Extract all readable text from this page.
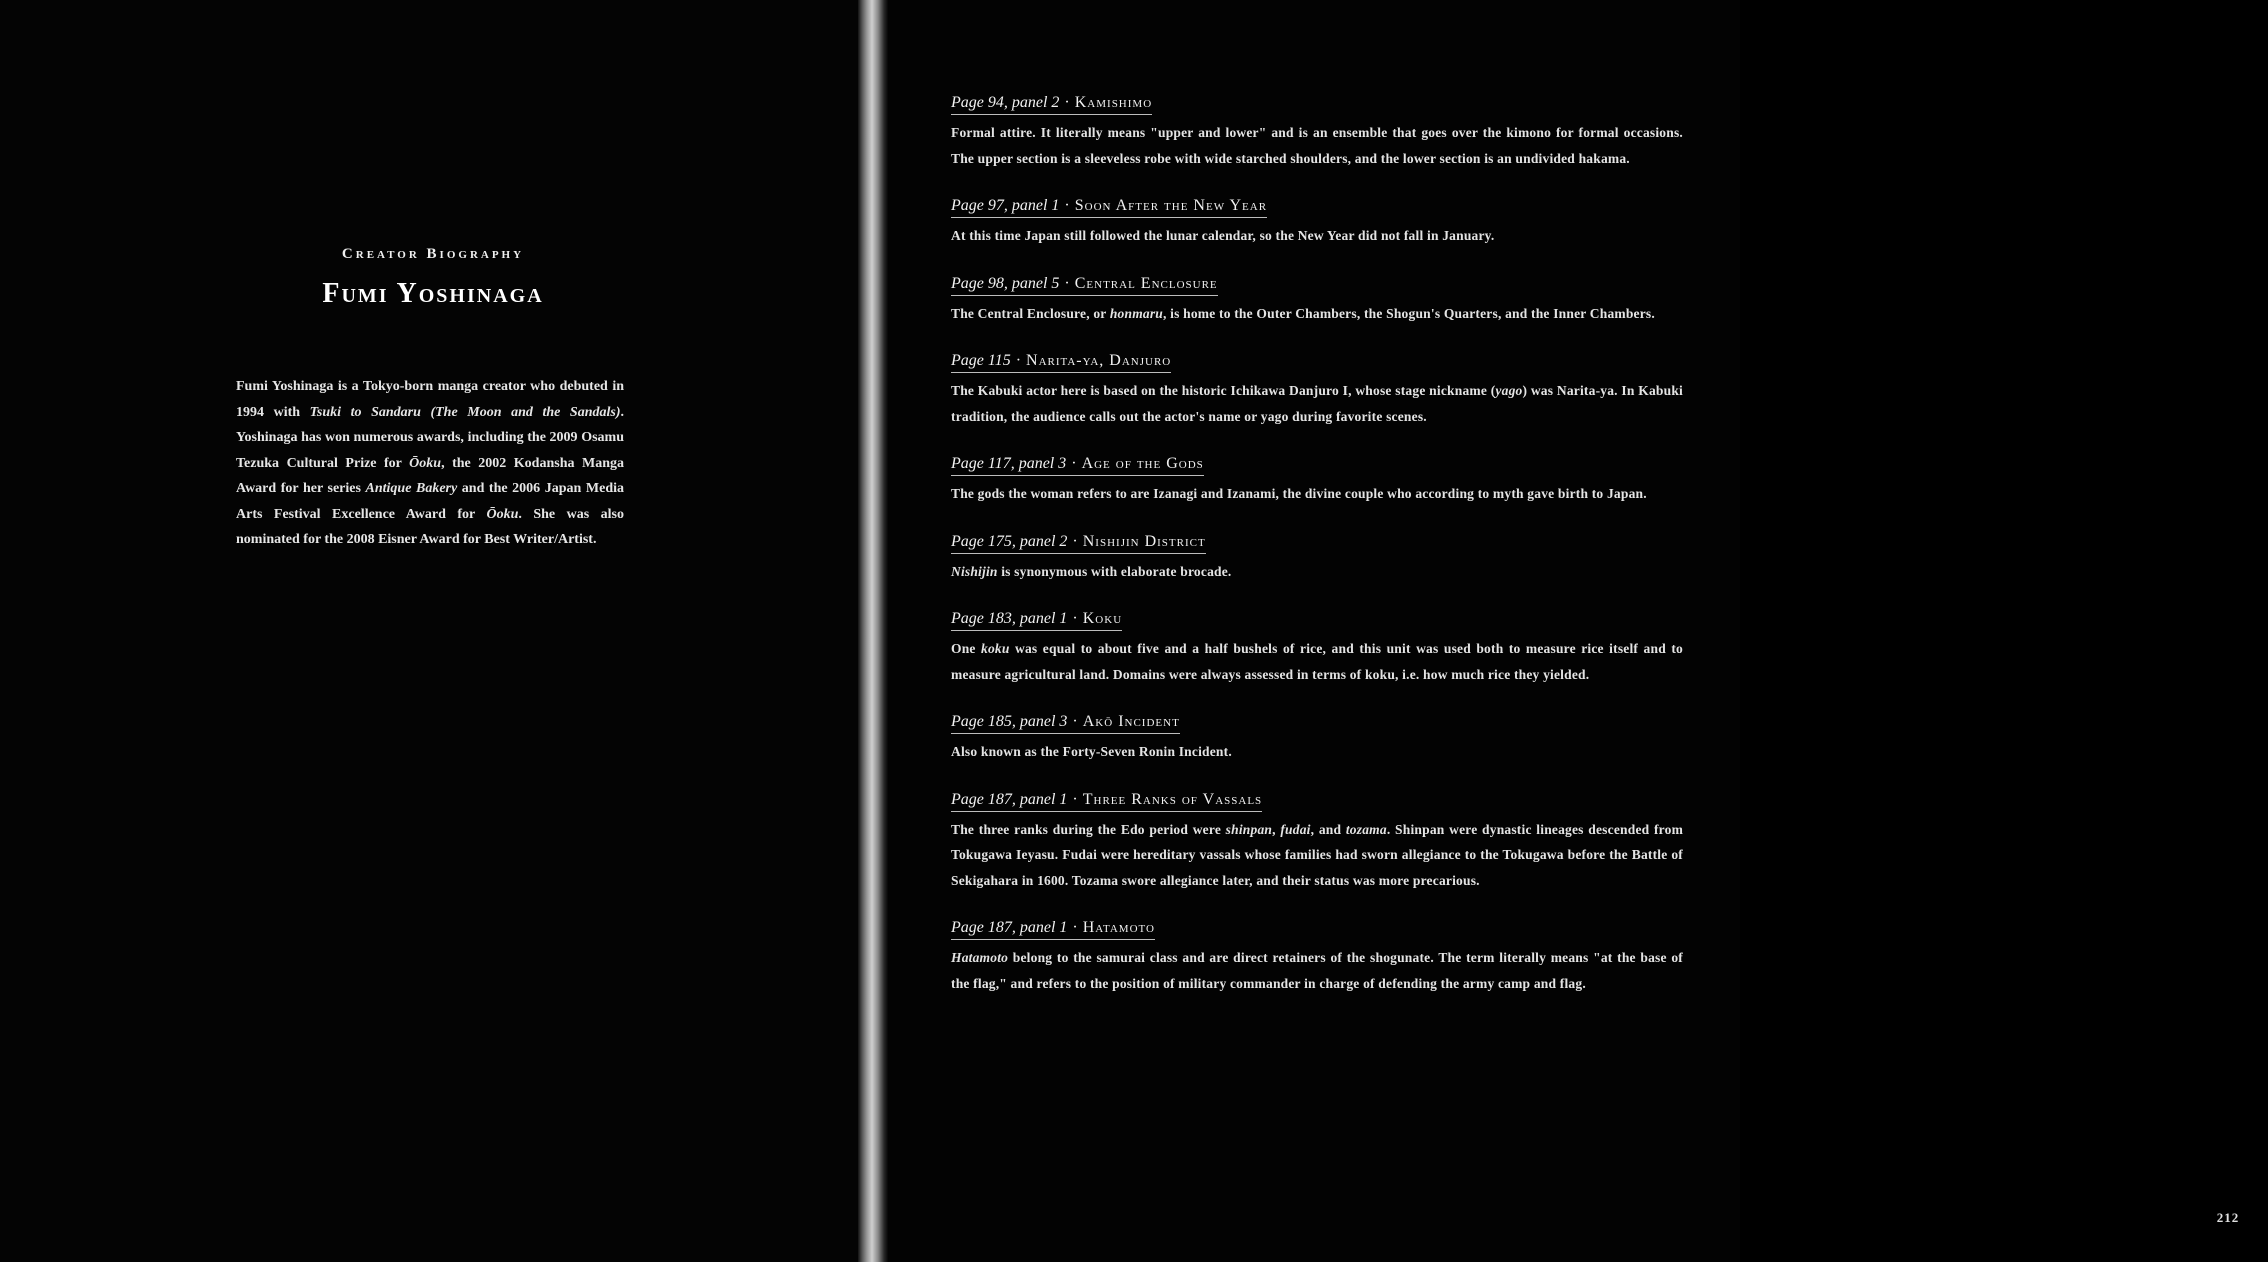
Creator Biography
Fumi Yoshinaga
Fumi Yoshinaga is a Tokyo-born manga creator who debuted in 1994 with Tsuki to Sandaru (The Moon and the Sandals). Yoshinaga has won numerous awards, including the 2009 Osamu Tezuka Cultural Prize for Ōoku, the 2002 Kodansha Manga Award for her series Antique Bakery and the 2006 Japan Media Arts Festival Excellence Award for Ōoku. She was also nominated for the 2008 Eisner Award for Best Writer/Artist.
212
Page 94, panel 2 · Kamishimo
Formal attire. It literally means "upper and lower" and is an ensemble that goes over the kimono for formal occasions. The upper section is a sleeveless robe with wide starched shoulders, and the lower section is an undivided hakama.
Page 97, panel 1 · Soon After the New Year
At this time Japan still followed the lunar calendar, so the New Year did not fall in January.
Page 98, panel 5 · Central Enclosure
The Central Enclosure, or honmaru, is home to the Outer Chambers, the Shogun's Quarters, and the Inner Chambers.
Page 115 · Narita-ya, Danjuro
The Kabuki actor here is based on the historic Ichikawa Danjuro I, whose stage nickname (yago) was Narita-ya. In Kabuki tradition, the audience calls out the actor's name or yago during favorite scenes.
Page 117, panel 3 · Age of the Gods
The gods the woman refers to are Izanagi and Izanami, the divine couple who according to myth gave birth to Japan.
Page 175, panel 2 · Nishijin District
Nishijin is synonymous with elaborate brocade.
Page 183, panel 1 · Koku
One koku was equal to about five and a half bushels of rice, and this unit was used both to measure rice itself and to measure agricultural land. Domains were always assessed in terms of koku, i.e. how much rice they yielded.
Page 185, panel 3 · Akō Incident
Also known as the Forty-Seven Ronin Incident.
Page 187, panel 1 · Three Ranks of Vassals
The three ranks during the Edo period were shinpan, fudai, and tozama. Shinpan were dynastic lineages descended from Tokugawa Ieyasu. Fudai were hereditary vassals whose families had sworn allegiance to the Tokugawa before the Battle of Sekigahara in 1600. Tozama swore allegiance later, and their status was more precarious.
Page 187, panel 1 · Hatamoto
Hatamoto belong to the samurai class and are direct retainers of the shogunate. The term literally means "at the base of the flag," and refers to the position of military commander in charge of defending the army camp and flag.
